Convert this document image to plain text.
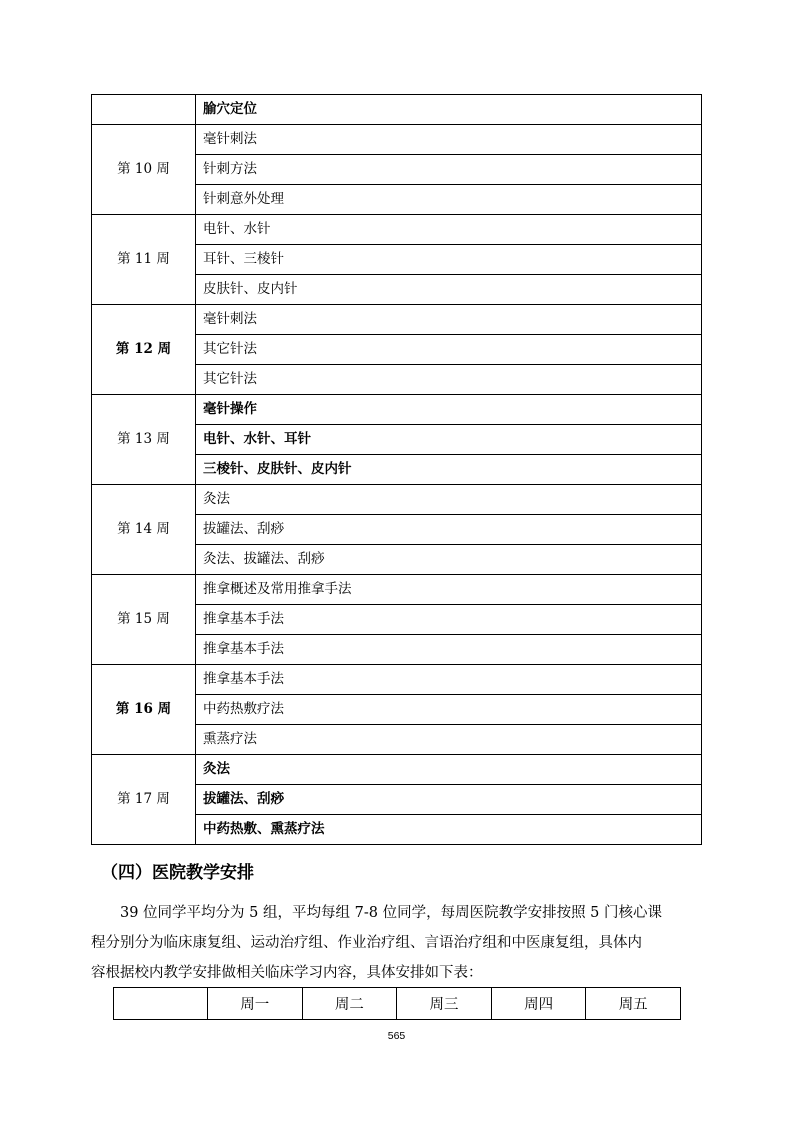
	腧穴定位
第 10 周	毫针刺法
	针刺方法
	针刺意外处理
第 11 周	电针、水针
	耳针、三棱针
	皮肤针、皮内针
第 12 周	毫针刺法
	其它针法
	其它针法
第 13 周	毫针操作
	电针、水针、耳针
	三棱针、皮肤针、皮内针
第 14 周	灸法
	拔罐法、刮痧
	灸法、拔罐法、刮痧
第 15 周	推拿概述及常用推拿手法
	推拿基本手法
	推拿基本手法
第 16 周	推拿基本手法
	中药热敷疗法
	熏蒸疗法
第 17 周	灸法
	拔罐法、刮痧
	中药热敷、熏蒸疗法
（四）医院教学安排
39 位同学平均分为 5 组，平均每组 7-8 位同学，每周医院教学安排按照 5 门核心课
程分别分为临床康复组、运动治疗组、作业治疗组、言语治疗组和中医康复组，具体内
容根据校内教学安排做相关临床学习内容，具体安排如下表：
	周一	周二	周三	周四	周五
565
